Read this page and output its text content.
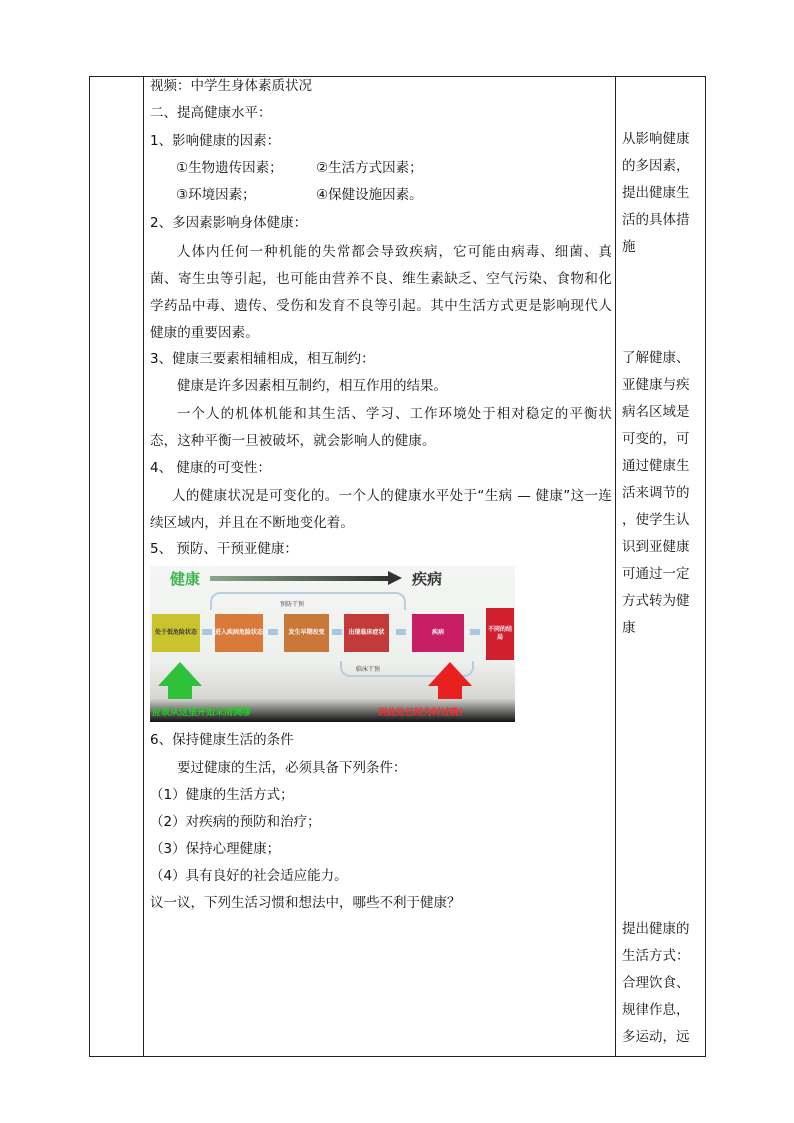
视频：中学生身体素质状况
二、提高健康水平：
1、影响健康的因素：
①生物遗传因素； ②生活方式因素；
③环境因素；	④保健设施因素。
2、多因素影响身体健康：
人体内任何一种机能的失常都会导致疾病，它可能由病毒、细菌、真菌、寄生虫等引起，也可能由营养不良、维生素缺乏、空气污染、食物和化学药品中毒、遗传、受伤和发育不良等引起。其中生活方式更是影响现代人健康的重要因素。
3、健康三要素相辅相成，相互制约：
健康是许多因素相互制约，相互作用的结果。
一个人的机体机能和其生活、学习、工作环境处于相对稳定的平衡状态，这种平衡一旦被破坏，就会影响人的健康。
4、 健康的可变性：
人的健康状况是可变化的。一个人的健康水平处于“生病 — 健康”这一连续区域内，并且在不断地变化着。
5、 预防、干预亚健康：
6、保持健康生活的条件
要过健康的生活，必须具备下列条件：
（1）健康的生活方式；
（2）对疾病的预防和治疗；
（3）保持心理健康；
（4）具有良好的社会适应能力。
议一议，下列生活习惯和想法中，哪些不利于健康？
健康	疾病
预防干预
处于低危险状态	进入疾病危险状态	发生早期改变	出现临床症状	疾病	不同的结局
临床干预
应该从这里开始未雨绸缪	到此处已经为时过晚!
从影响健康
的多因素，
提出健康生
活的具体措
施
了解健康、
亚健康与疾
病名区域是
可变的，可
通过健康生
活来调节的
，使学生认
识到亚健康
可通过一定
方式转为健
康
提出健康的
生活方式：
合理饮食、
规律作息，
多运动，远
